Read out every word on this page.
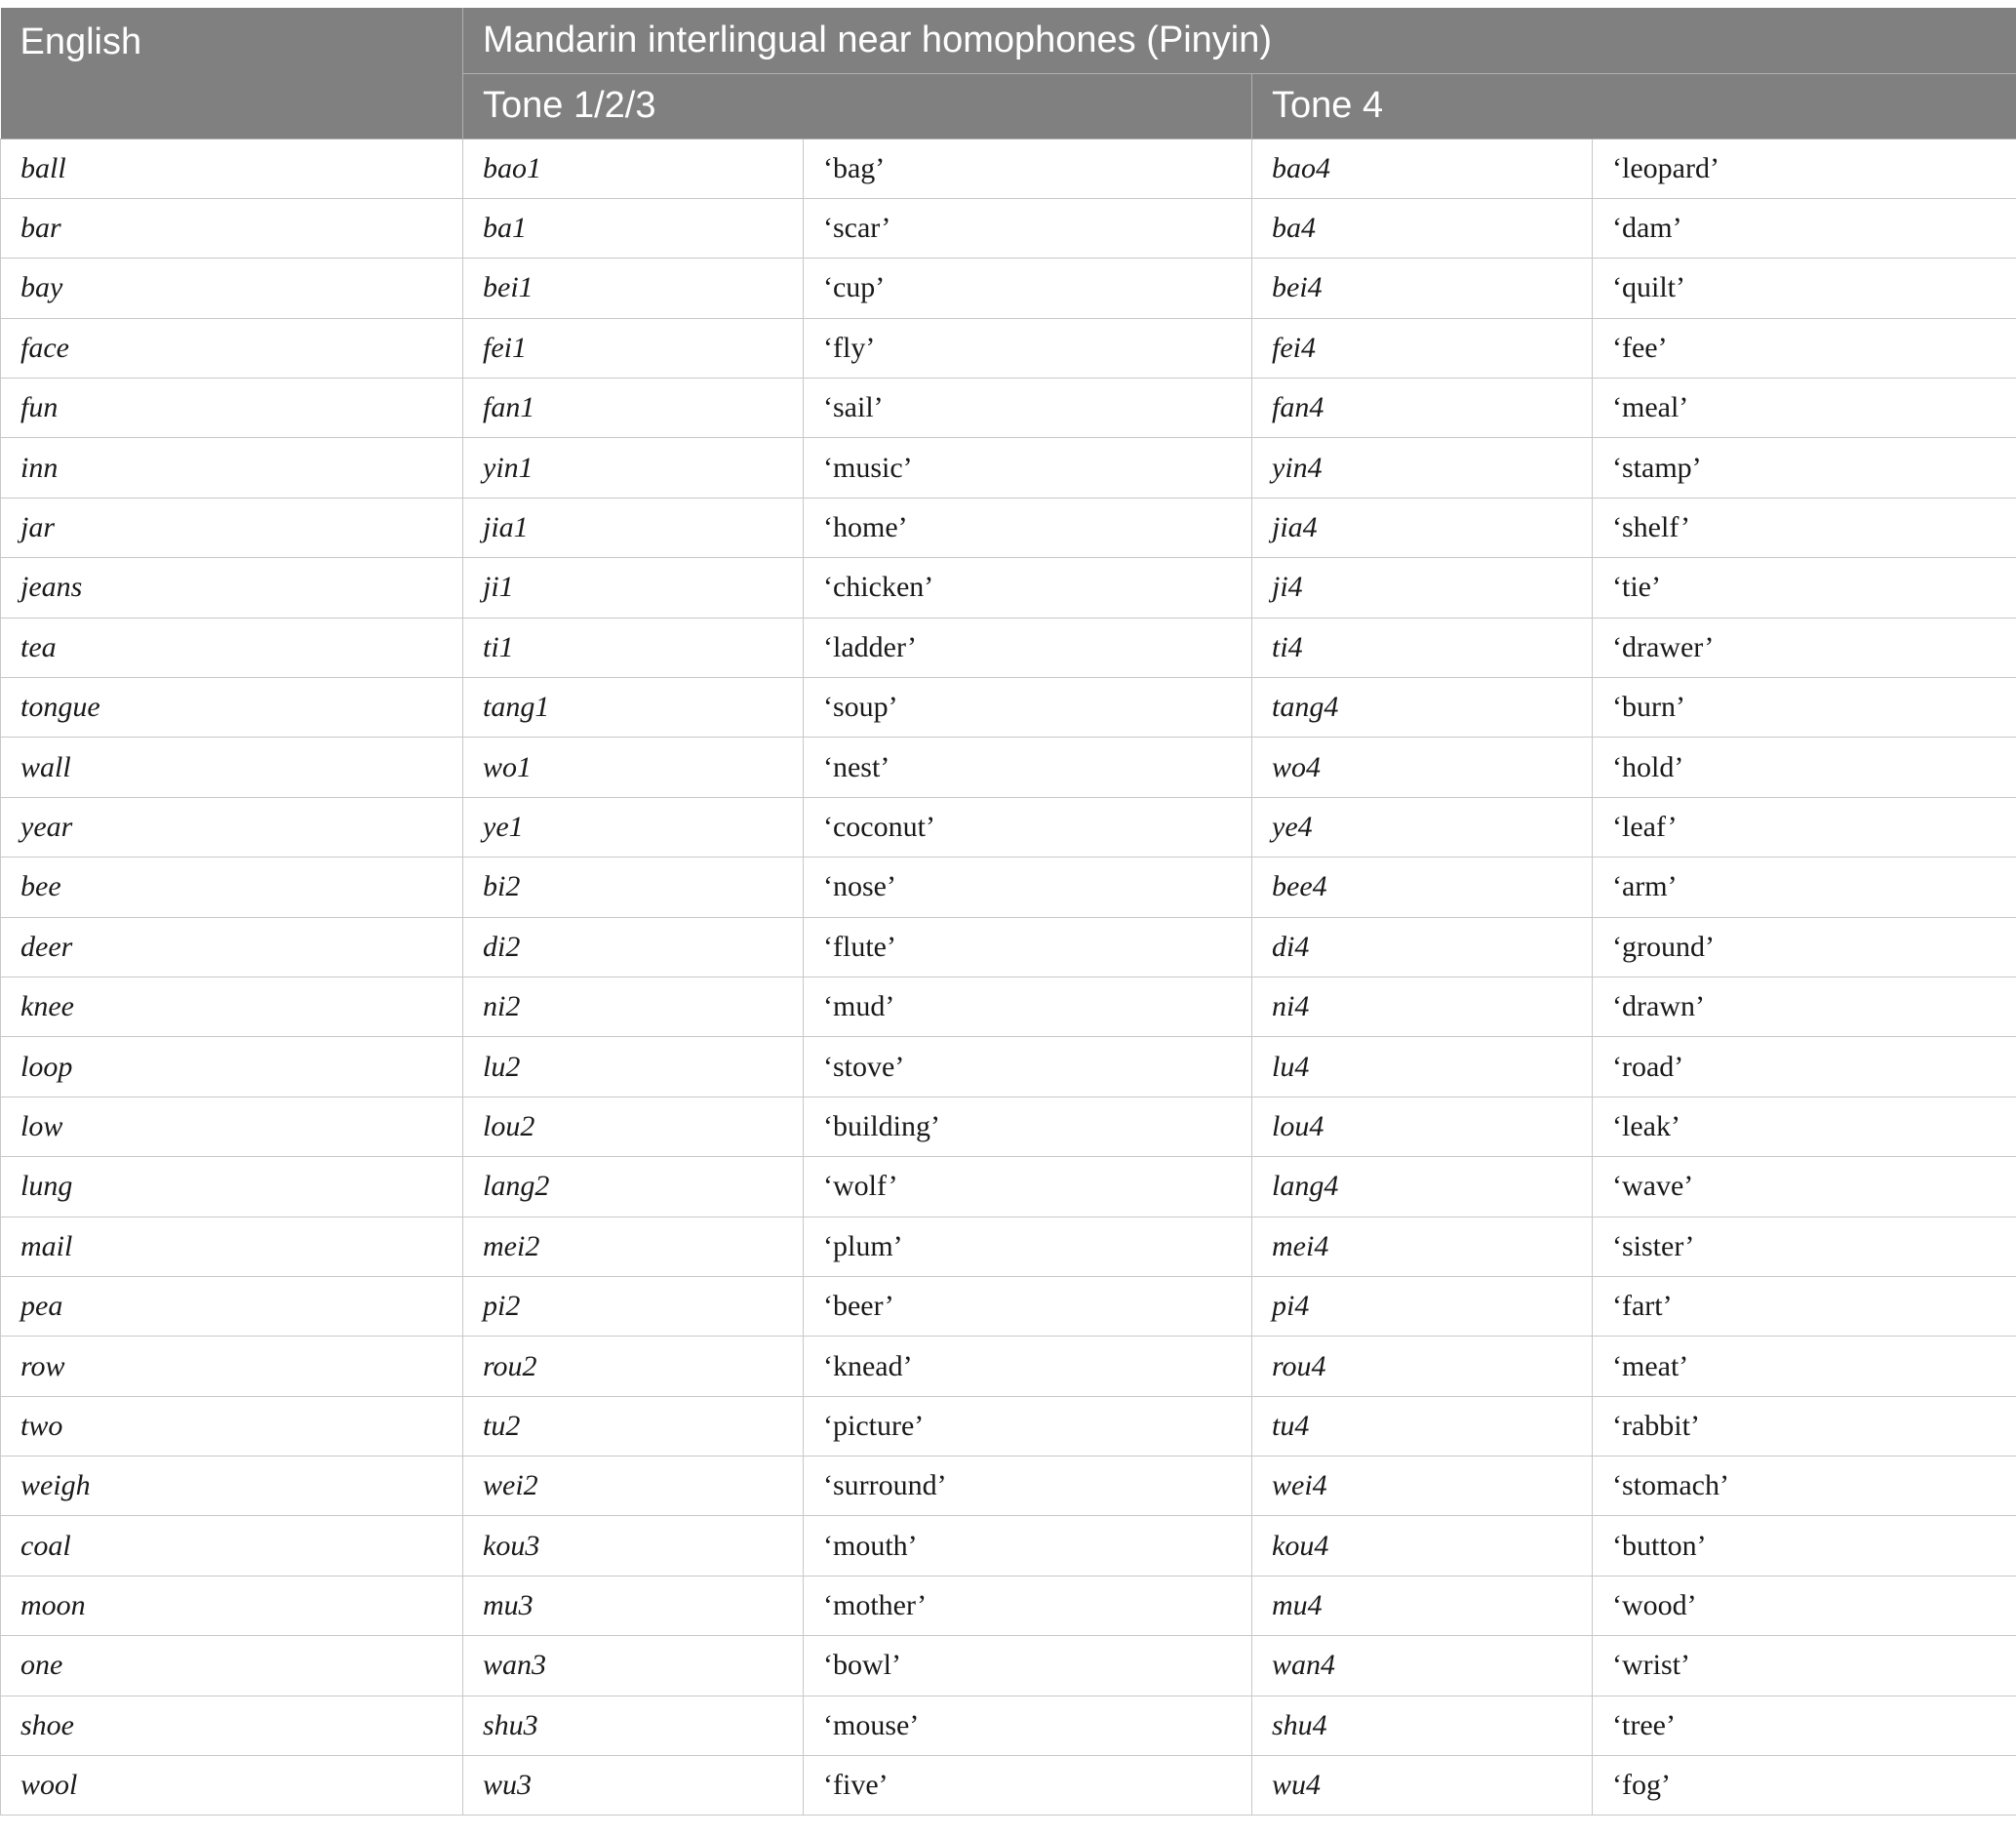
English	Mandarin interlingual near homophones (Pinyin)			
	Tone 1/2/3		Tone 4	
ball	bao1	‘bag’	bao4	‘leopard’
bar	ba1	‘scar’	ba4	‘dam’
bay	bei1	‘cup’	bei4	‘quilt’
face	fei1	‘fly’	fei4	‘fee’
fun	fan1	‘sail’	fan4	‘meal’
inn	yin1	‘music’	yin4	‘stamp’
jar	jia1	‘home’	jia4	‘shelf’
jeans	ji1	‘chicken’	ji4	‘tie’
tea	ti1	‘ladder’	ti4	‘drawer’
tongue	tang1	‘soup’	tang4	‘burn’
wall	wo1	‘nest’	wo4	‘hold’
year	ye1	‘coconut’	ye4	‘leaf’
bee	bi2	‘nose’	bee4	‘arm’
deer	di2	‘flute’	di4	‘ground’
knee	ni2	‘mud’	ni4	‘drawn’
loop	lu2	‘stove’	lu4	‘road’
low	lou2	‘building’	lou4	‘leak’
lung	lang2	‘wolf’	lang4	‘wave’
mail	mei2	‘plum’	mei4	‘sister’
pea	pi2	‘beer’	pi4	‘fart’
row	rou2	‘knead’	rou4	‘meat’
two	tu2	‘picture’	tu4	‘rabbit’
weigh	wei2	‘surround’	wei4	‘stomach’
coal	kou3	‘mouth’	kou4	‘button’
moon	mu3	‘mother’	mu4	‘wood’
one	wan3	‘bowl’	wan4	‘wrist’
shoe	shu3	‘mouse’	shu4	‘tree’
wool	wu3	‘five’	wu4	‘fog’
